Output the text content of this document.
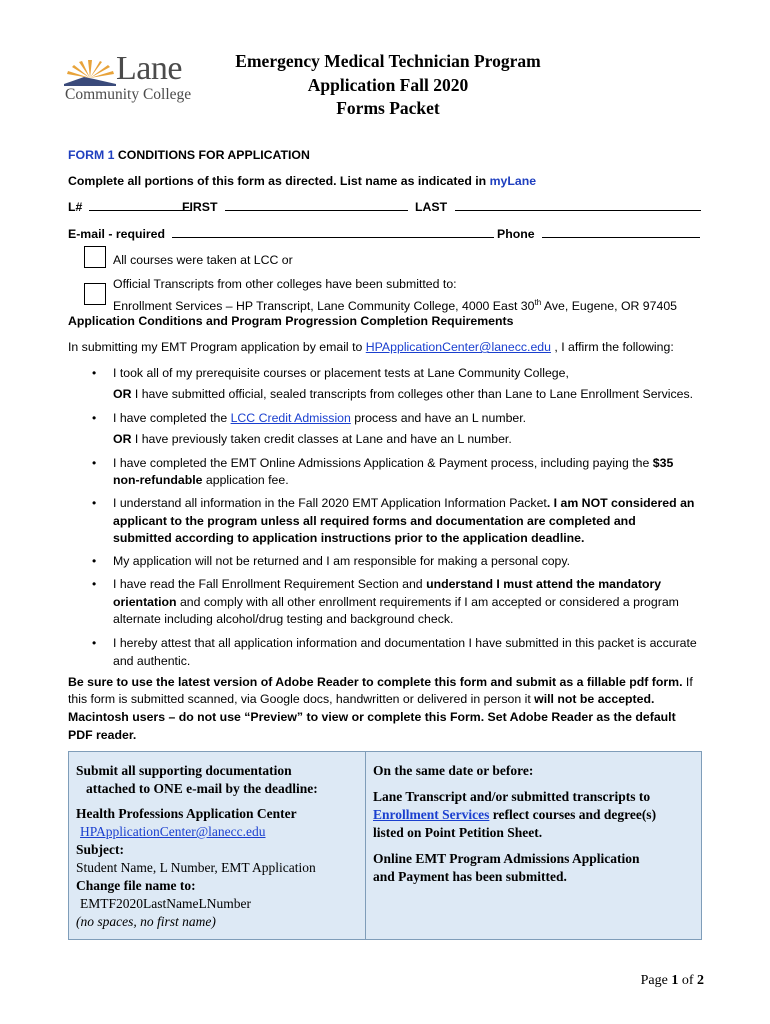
Lane
Community College
Emergency Medical Technician Program
Application Fall 2020
Forms Packet
FORM 1 CONDITIONS FOR APPLICATION
Complete all portions of this form as directed. List name as indicated in myLane
L#	FIRST	LAST
E-mail - required	Phone
All courses were taken at LCC or
Official Transcripts from other colleges have been submitted to:
Enrollment Services – HP Transcript, Lane Community College, 4000 East 30th Ave, Eugene, OR 97405
Application Conditions and Program Progression Completion Requirements
In submitting my EMT Program application by email to HPApplicationCenter@lanecc.edu , I affirm the following:
• I took all of my prerequisite courses or placement tests at Lane Community College,
OR I have submitted official, sealed transcripts from colleges other than Lane to Lane Enrollment Services.
• I have completed the LCC Credit Admission process and have an L number.
OR I have previously taken credit classes at Lane and have an L number.
• I have completed the EMT Online Admissions Application & Payment process, including paying the $35
non-refundable application fee.
• I understand all information in the Fall 2020 EMT Application Information Packet. I am NOT considered an
applicant to the program unless all required forms and documentation are completed and
submitted according to application instructions prior to the application deadline.
• My application will not be returned and I am responsible for making a personal copy.
• I have read the Fall Enrollment Requirement Section and understand I must attend the mandatory
orientation and comply with all other enrollment requirements if I am accepted or considered a program
alternate including alcohol/drug testing and background check.
• I hereby attest that all application information and documentation I have submitted in this packet is accurate
and authentic.
Be sure to use the latest version of Adobe Reader to complete this form and submit as a fillable pdf form. If
this form is submitted scanned, via Google docs, handwritten or delivered in person it will not be accepted.
Macintosh users – do not use “Preview” to view or complete this Form. Set Adobe Reader as the default
PDF reader.
Submit all supporting documentation
attached to ONE e-mail by the deadline:
Health Professions Application Center
HPApplicationCenter@lanecc.edu
Subject:
Student Name, L Number, EMT Application
Change file name to:
EMTF2020LastNameLNumber
(no spaces, no first name)
On the same date or before:
Lane Transcript and/or submitted transcripts to
Enrollment Services reflect courses and degree(s)
listed on Point Petition Sheet.
Online EMT Program Admissions Application
and Payment has been submitted.
Page 1 of 2
